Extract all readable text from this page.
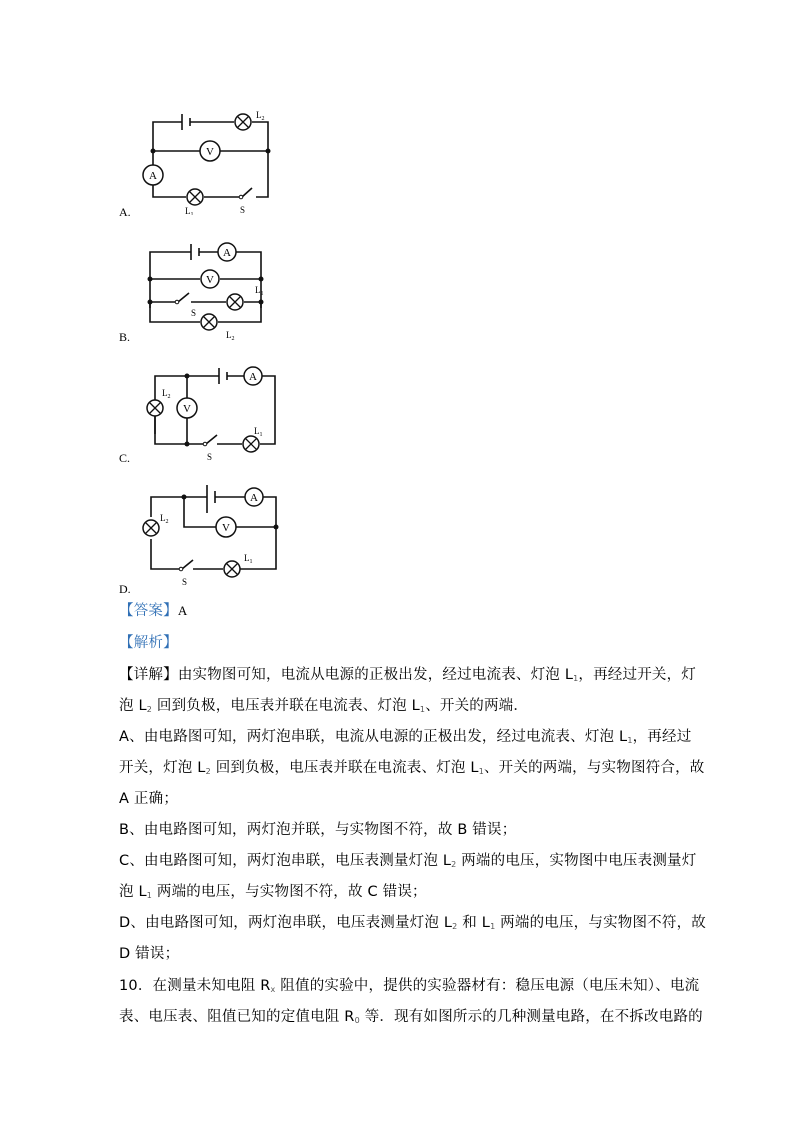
V
A
$L_2$
$L_1$	S
A.
A
V
$L_1$
$L_2$
S
B.
A
V
$L_2$
$L_1$
S
C.
A
V
$L_2$
$L_1$
S
D.
【答案】A
【解析】
【详解】由实物图可知，电流从电源的正极出发，经过电流表、灯泡 $L_1$，再经过开关，灯
泡 $L_2$ 回到负极，电压表并联在电流表、灯泡 $L_1$、开关的两端．
A、由电路图可知，两灯泡串联，电流从电源的正极出发，经过电流表、灯泡 $L_1$，再经过
开关，灯泡 $L_2$ 回到负极，电压表并联在电流表、灯泡 $L_1$、开关的两端，与实物图符合，故
A 正确；
B、由电路图可知，两灯泡并联，与实物图不符，故 B 错误；
C、由电路图可知，两灯泡串联，电压表测量灯泡 $L_2$ 两端的电压，实物图中电压表测量灯
泡 $L_1$ 两端的电压，与实物图不符，故 C 错误；
D、由电路图可知，两灯泡串联，电压表测量灯泡 $L_2$ 和 $L_1$ 两端的电压，与实物图不符，故
D 错误；
10．在测量未知电阻 $R_x$ 阻值的实验中，提供的实验器材有：稳压电源（电压未知）、电流
表、电压表、阻值已知的定值电阻 $R_0$ 等．现有如图所示的几种测量电路，在不拆改电路的
